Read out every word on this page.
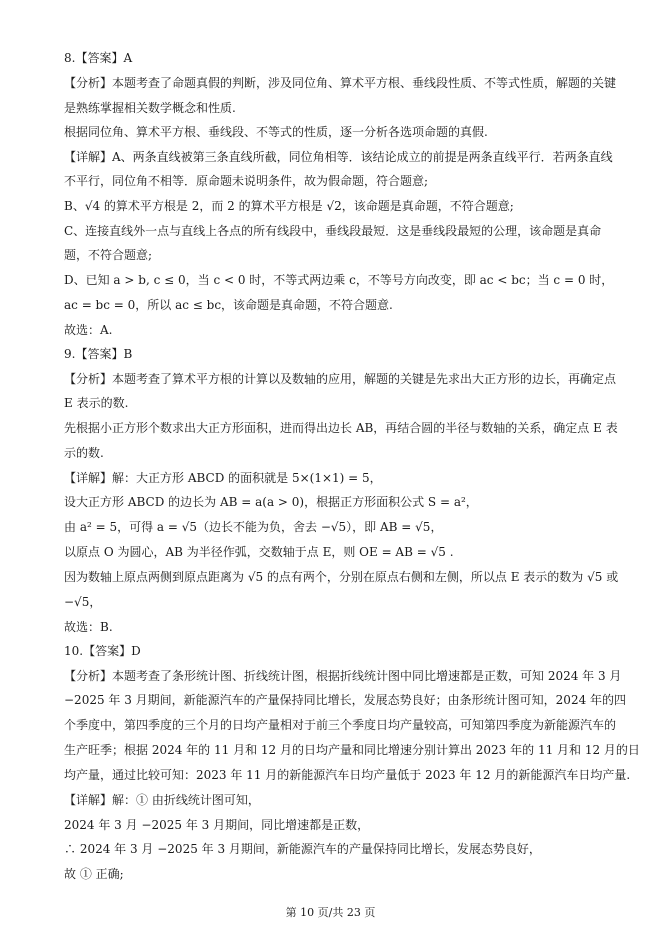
8.【答案】A
【分析】本题考查了命题真假的判断，涉及同位角、算术平方根、垂线段性质、不等式性质，解题的关键
是熟练掌握相关数学概念和性质.
根据同位角、算术平方根、垂线段、不等式的性质，逐一分析各选项命题的真假.
【详解】A、两条直线被第三条直线所截，同位角相等．该结论成立的前提是两条直线平行．若两条直线
不平行，同位角不相等．原命题未说明条件，故为假命题，符合题意;
B、√4 的算术平方根是 2，而 2 的算术平方根是 √2，该命题是真命题，不符合题意;
C、连接直线外一点与直线上各点的所有线段中，垂线段最短．这是垂线段最短的公理，该命题是真命
题，不符合题意;
D、已知 a > b, c ≤ 0，当 c < 0 时，不等式两边乘 c，不等号方向改变，即 ac < bc；当 c = 0 时，
ac = bc = 0，所以 ac ≤ bc，该命题是真命题，不符合题意.
故选：A.
9.【答案】B
【分析】本题考查了算术平方根的计算以及数轴的应用，解题的关键是先求出大正方形的边长，再确定点
E 表示的数.
先根据小正方形个数求出大正方形面积，进而得出边长 AB，再结合圆的半径与数轴的关系，确定点 E 表
示的数.
【详解】解：大正方形 ABCD 的面积就是 5×(1×1) = 5，
设大正方形 ABCD 的边长为 AB = a(a > 0)，根据正方形面积公式 S = a²，
由 a² = 5，可得 a = √5（边长不能为负，舍去 −√5），即 AB = √5，
以原点 O 为圆心，AB 为半径作弧，交数轴于点 E，则 OE = AB = √5 .
因为数轴上原点两侧到原点距离为 √5 的点有两个，分别在原点右侧和左侧，所以点 E 表示的数为 √5 或
−√5，
故选：B.
10.【答案】D
【分析】本题考查了条形统计图、折线统计图，根据折线统计图中同比增速都是正数，可知 2024 年 3 月
−2025 年 3 月期间，新能源汽车的产量保持同比增长，发展态势良好；由条形统计图可知，2024 年的四
个季度中，第四季度的三个月的日均产量相对于前三个季度日均产量较高，可知第四季度为新能源汽车的
生产旺季；根据 2024 年的 11 月和 12 月的日均产量和同比增速分别计算出 2023 年的 11 月和 12 月的日
均产量，通过比较可知：2023 年 11 月的新能源汽车日均产量低于 2023 年 12 月的新能源汽车日均产量.
【详解】解：① 由折线统计图可知，
2024 年 3 月 −2025 年 3 月期间，同比增速都是正数，
∴ 2024 年 3 月 −2025 年 3 月期间，新能源汽车的产量保持同比增长，发展态势良好，
故 ① 正确;
第 10 页/共 23 页
